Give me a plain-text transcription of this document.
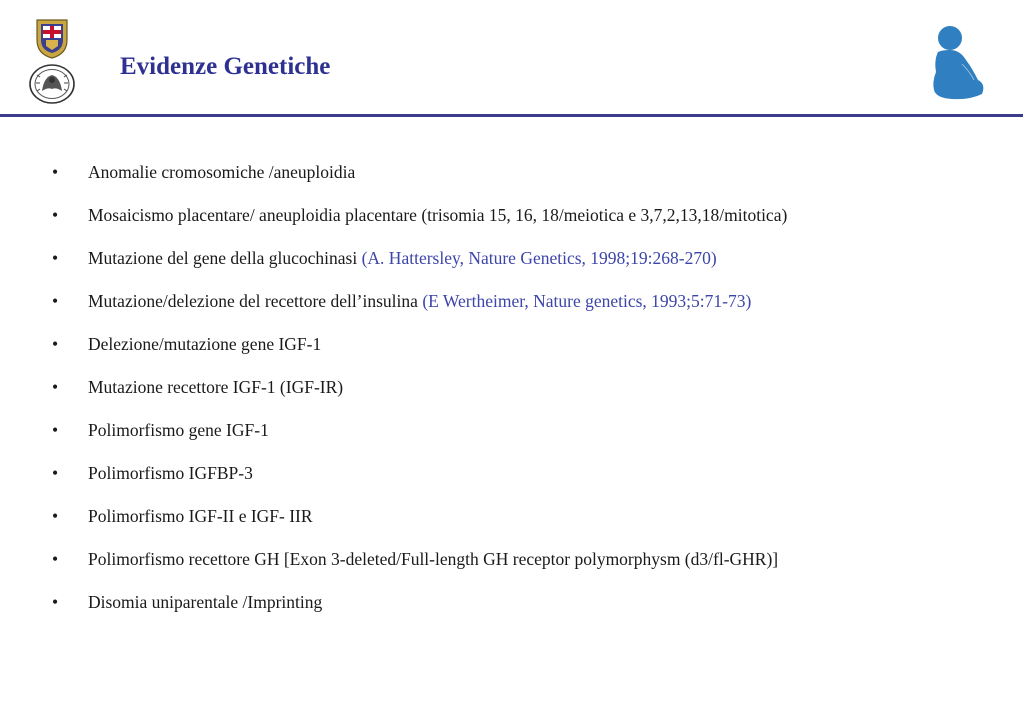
Evidenze Genetiche
•	Anomalie cromosomiche /aneuploidia
•	Mosaicismo placentare/ aneuploidia placentare (trisomia 15, 16, 18/meiotica e 3,7,2,13,18/mitotica)
•	Mutazione del gene della glucochinasi (A. Hattersley, Nature Genetics, 1998;19:268-270)
•	Mutazione/delezione del recettore dell’insulina (E Wertheimer, Nature genetics, 1993;5:71-73)
•	Delezione/mutazione gene IGF-1
•	Mutazione recettore IGF-1 (IGF-IR)
•	Polimorfismo gene IGF-1
•	Polimorfismo IGFBP-3
•	Polimorfismo IGF-II e IGF- IIR
•	Polimorfismo recettore GH [Exon 3-deleted/Full-length GH receptor polymorphysm (d3/fl-GHR)]
•	Disomia uniparentale /Imprinting
